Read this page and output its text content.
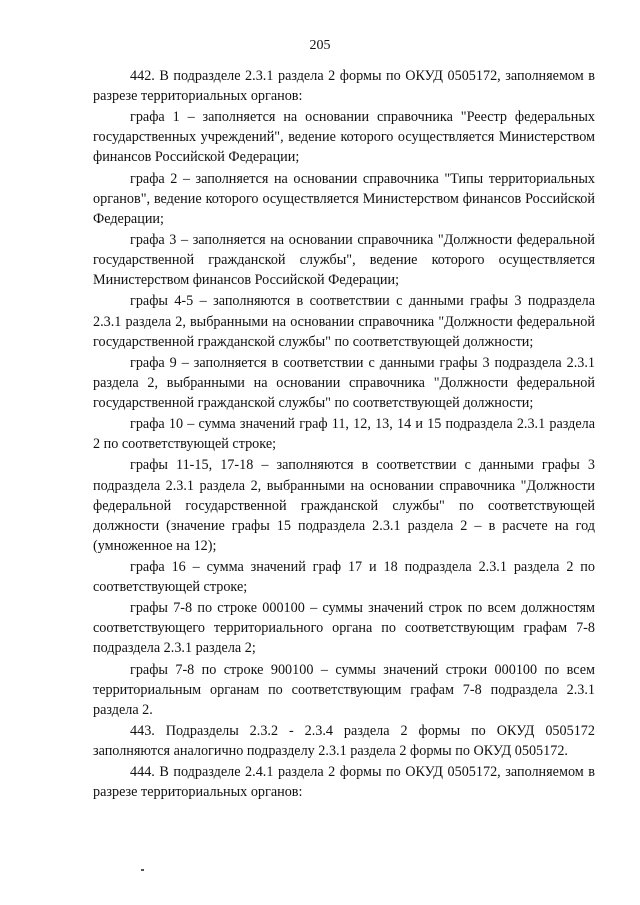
205

442. В подразделе 2.3.1 раздела 2 формы по ОКУД 0505172, заполняемом в разрезе территориальных органов:

графа 1 – заполняется на основании справочника "Реестр федеральных государственных учреждений", ведение которого осуществляется Министерством финансов Российской Федерации;

графа 2 – заполняется на основании справочника "Типы территориальных органов", ведение которого осуществляется Министерством финансов Российской Федерации;

графа 3 – заполняется на основании справочника "Должности федеральной государственной гражданской службы", ведение которого осуществляется Министерством финансов Российской Федерации;

графы 4-5 – заполняются в соответствии с данными графы 3 подраздела 2.3.1 раздела 2, выбранными на основании справочника "Должности федеральной государственной гражданской службы" по соответствующей должности;

графа 9 – заполняется в соответствии с данными графы 3 подраздела 2.3.1 раздела 2, выбранными на основании справочника "Должности федеральной государственной гражданской службы" по соответствующей должности;

графа 10 – сумма значений граф 11, 12, 13, 14 и 15 подраздела 2.3.1 раздела 2 по соответствующей строке;

графы 11-15, 17-18 – заполняются в соответствии с данными графы 3 подраздела 2.3.1 раздела 2, выбранными на основании справочника "Должности федеральной государственной гражданской службы" по соответствующей должности (значение графы 15 подраздела 2.3.1 раздела 2 – в расчете на год (умноженное на 12);

графа 16 – сумма значений граф 17 и 18 подраздела 2.3.1 раздела 2 по соответствующей строке;

графы 7-8 по строке 000100 – суммы значений строк по всем должностям соответствующего территориального органа по соответствующим графам 7-8 подраздела 2.3.1 раздела 2;

графы 7-8 по строке 900100 – суммы значений строки 000100 по всем территориальным органам по соответствующим графам 7-8 подраздела 2.3.1 раздела 2.

443. Подразделы 2.3.2 - 2.3.4 раздела 2 формы по ОКУД 0505172 заполняются аналогично подразделу 2.3.1 раздела 2 формы по ОКУД 0505172.

444. В подразделе 2.4.1 раздела 2 формы по ОКУД 0505172, заполняемом в разрезе территориальных органов:
